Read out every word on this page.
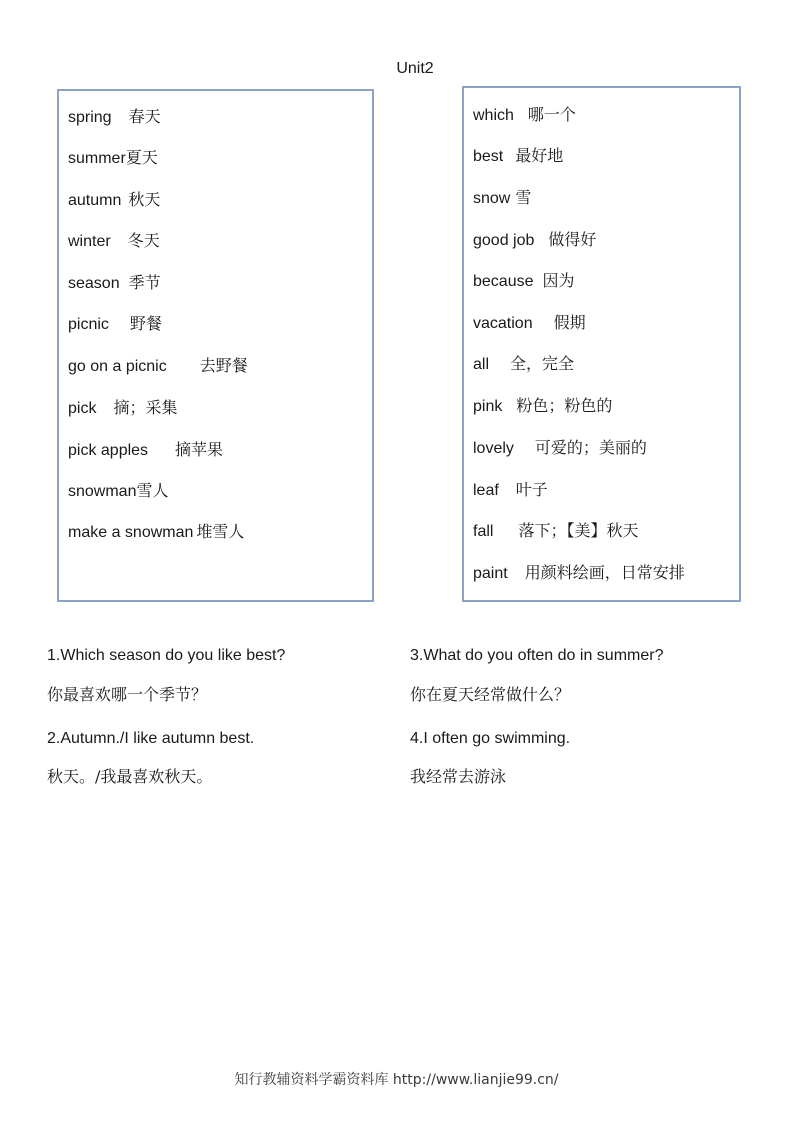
Unit2
spring 春天
summer夏天
autumn 秋天
winter 冬天
season 季节
picnic 野餐
go on a picnic 去野餐
pick 摘；采集
pick apples 摘苹果
snowman雪人
make a snowman 堆雪人
which 哪一个
best 最好地
snow 雪
good job 做得好
because 因为
vacation 假期
all 全，完全
pink 粉色；粉色的
lovely 可爱的；美丽的
leaf 叶子
fall 落下；【美】秋天
paint 用颜料绘画，日常安排
1.Which season do you like best?
你最喜欢哪一个季节？
2.Autumn./I like autumn best.
秋天。/我最喜欢秋天。
3.What do you often do in summer?
你在夏天经常做什么？
4.I often go swimming.
我经常去游泳
知行教辅资料学霸资料库 http://www.lianjie99.cn/
